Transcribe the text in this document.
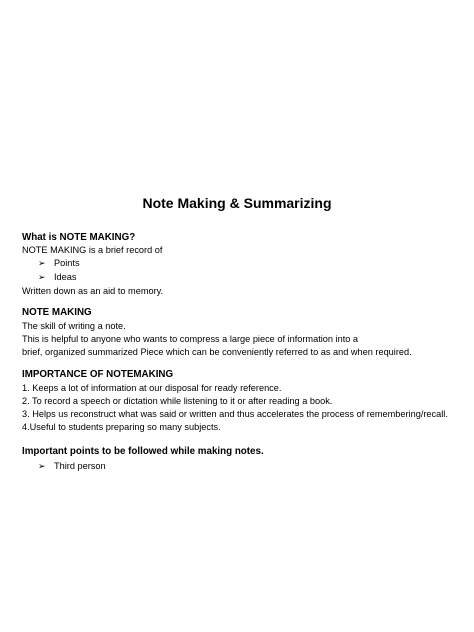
Note Making & Summarizing
What is NOTE MAKING?
NOTE MAKING is a brief record of
➢ Points
➢ Ideas
Written down as an aid to memory.
NOTE MAKING
The skill of writing a note.
This is helpful to anyone who wants to compress a large piece of information into a
brief, organized summarized Piece which can be conveniently referred to as and when required.
IMPORTANCE OF NOTEMAKING
1. Keeps a lot of information at our disposal for ready reference.
2. To record a speech or dictation while listening to it or after reading a book.
3. Helps us reconstruct what was said or written and thus accelerates the process of remembering/recall.
4.Useful to students preparing so many subjects.
Important points to be followed while making notes.
➢ Third person
